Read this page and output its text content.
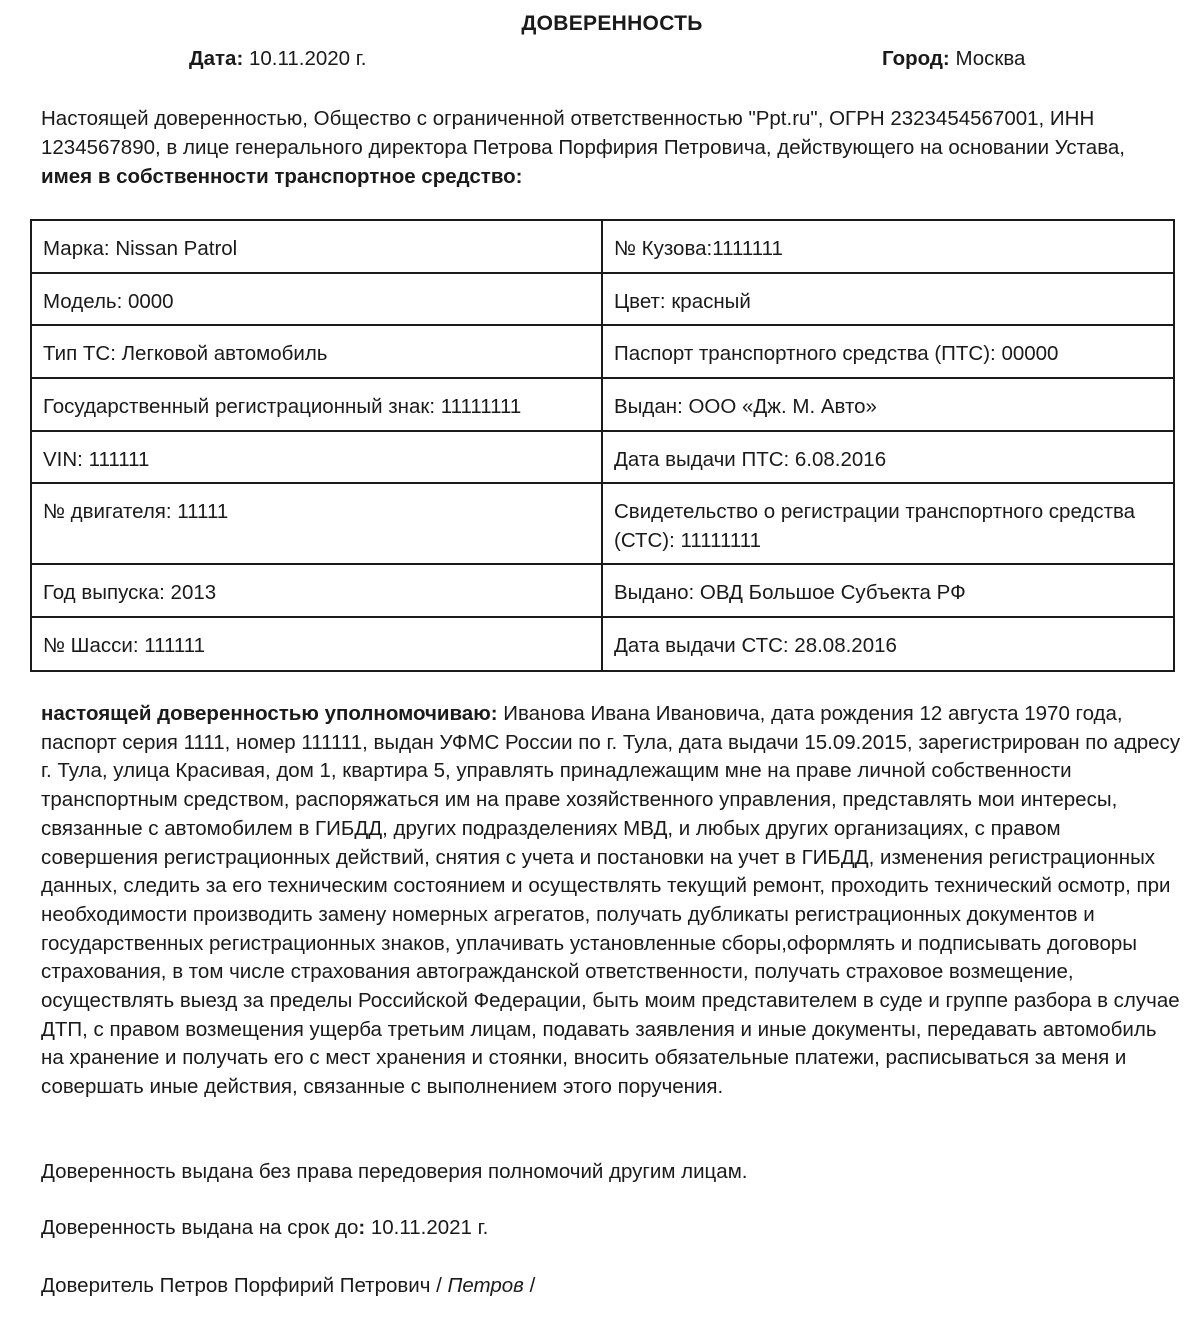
ДОВЕРЕННОСТЬ
Дата: 10.11.2020 г.	Город: Москва
Настоящей доверенностью, Общество с ограниченной ответственностью "Ppt.ru", ОГРН 2323454567001, ИНН 1234567890, в лице генерального директора Петрова Порфирия Петровича, действующего на основании Устава, имея в собственности транспортное средство:
Марка: Nissan Patrol	№ Кузова:1111111
Модель: 0000	Цвет: красный
Тип ТС: Легковой автомобиль	Паспорт транспортного средства (ПТС): 00000
Государственный регистрационный знак: 11111111	Выдан: ООО «Дж. М. Авто»
VIN: 111111	Дата выдачи ПТС: 6.08.2016
№ двигателя: 11111	Свидетельство о регистрации транспортного средства (СТС): 11111111
Год выпуска: 2013	Выдано: ОВД Большое Субъекта РФ
№ Шасси: 111111	Дата выдачи СТС: 28.08.2016
настоящей доверенностью уполномочиваю: Иванова Ивана Ивановича, дата рождения 12 августа 1970 года, паспорт серия 1111, номер 111111, выдан УФМС России по г. Тула, дата выдачи 15.09.2015, зарегистрирован по адресу г. Тула, улица Красивая, дом 1, квартира 5, управлять принадлежащим мне на праве личной собственности транспортным средством, распоряжаться им на праве хозяйственного управления, представлять мои интересы, связанные с автомобилем в ГИБДД, других подразделениях МВД, и любых других организациях, с правом совершения регистрационных действий, снятия с учета и постановки на учет в ГИБДД, изменения регистрационных данных, следить за его техническим состоянием и осуществлять текущий ремонт, проходить технический осмотр, при необходимости производить замену номерных агрегатов, получать дубликаты регистрационных документов и государственных регистрационных знаков, уплачивать установленные сборы,оформлять и подписывать договоры страхования, в том числе страхования автогражданской ответственности, получать страховое возмещение, осуществлять выезд за пределы Российской Федерации, быть моим представителем в суде и группе разбора в случае ДТП, с правом возмещения ущерба третьим лицам, подавать заявления и иные документы, передавать автомобиль на хранение и получать его с мест хранения и стоянки, вносить обязательные платежи, расписываться за меня и совершать иные действия, связанные с выполнением этого поручения.
Доверенность выдана без права передоверия полномочий другим лицам.
Доверенность выдана на срок до: 10.11.2021 г.
Доверитель Петров Порфирий Петрович / Петров /
